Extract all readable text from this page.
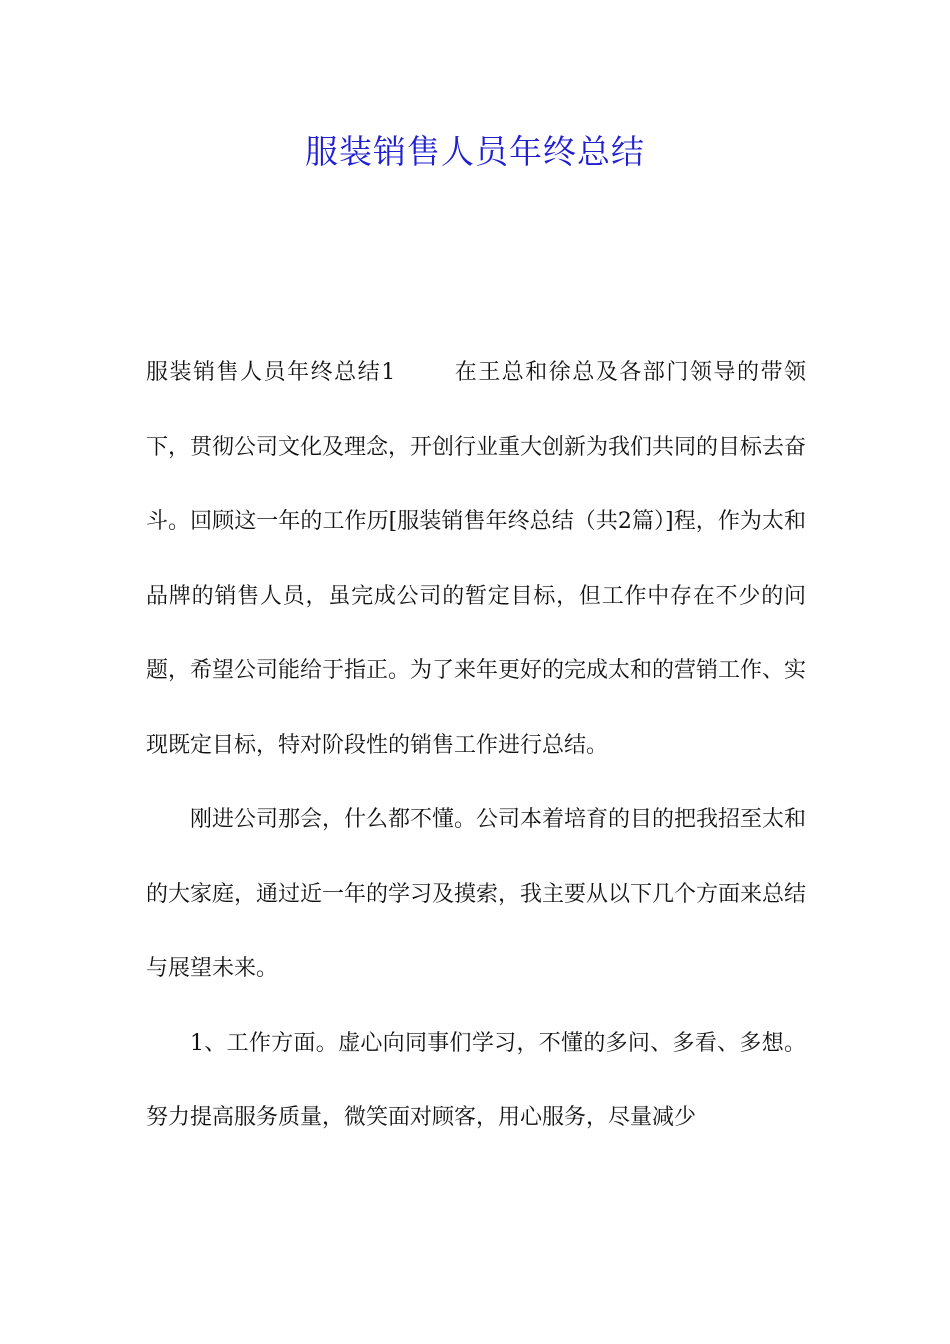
服装销售人员年终总结

服装销售人员年终总结1	在王总和徐总及各部门领导的带领下，贯彻公司文化及理念，开创行业重大创新为我们共同的目标去奋斗。回顾这一年的工作历[服装销售年终总结（共2篇）]程，作为太和品牌的销售人员，虽完成公司的暂定目标，但工作中存在不少的问题，希望公司能给于指正。为了来年更好的完成太和的营销工作、实现既定目标，特对阶段性的销售工作进行总结。

刚进公司那会，什么都不懂。公司本着培育的目的把我招至太和的大家庭，通过近一年的学习及摸索，我主要从以下几个方面来总结与展望未来。

1、工作方面。虚心向同事们学习，不懂的多问、多看、多想。努力提高服务质量，微笑面对顾客，用心服务，尽量减少
